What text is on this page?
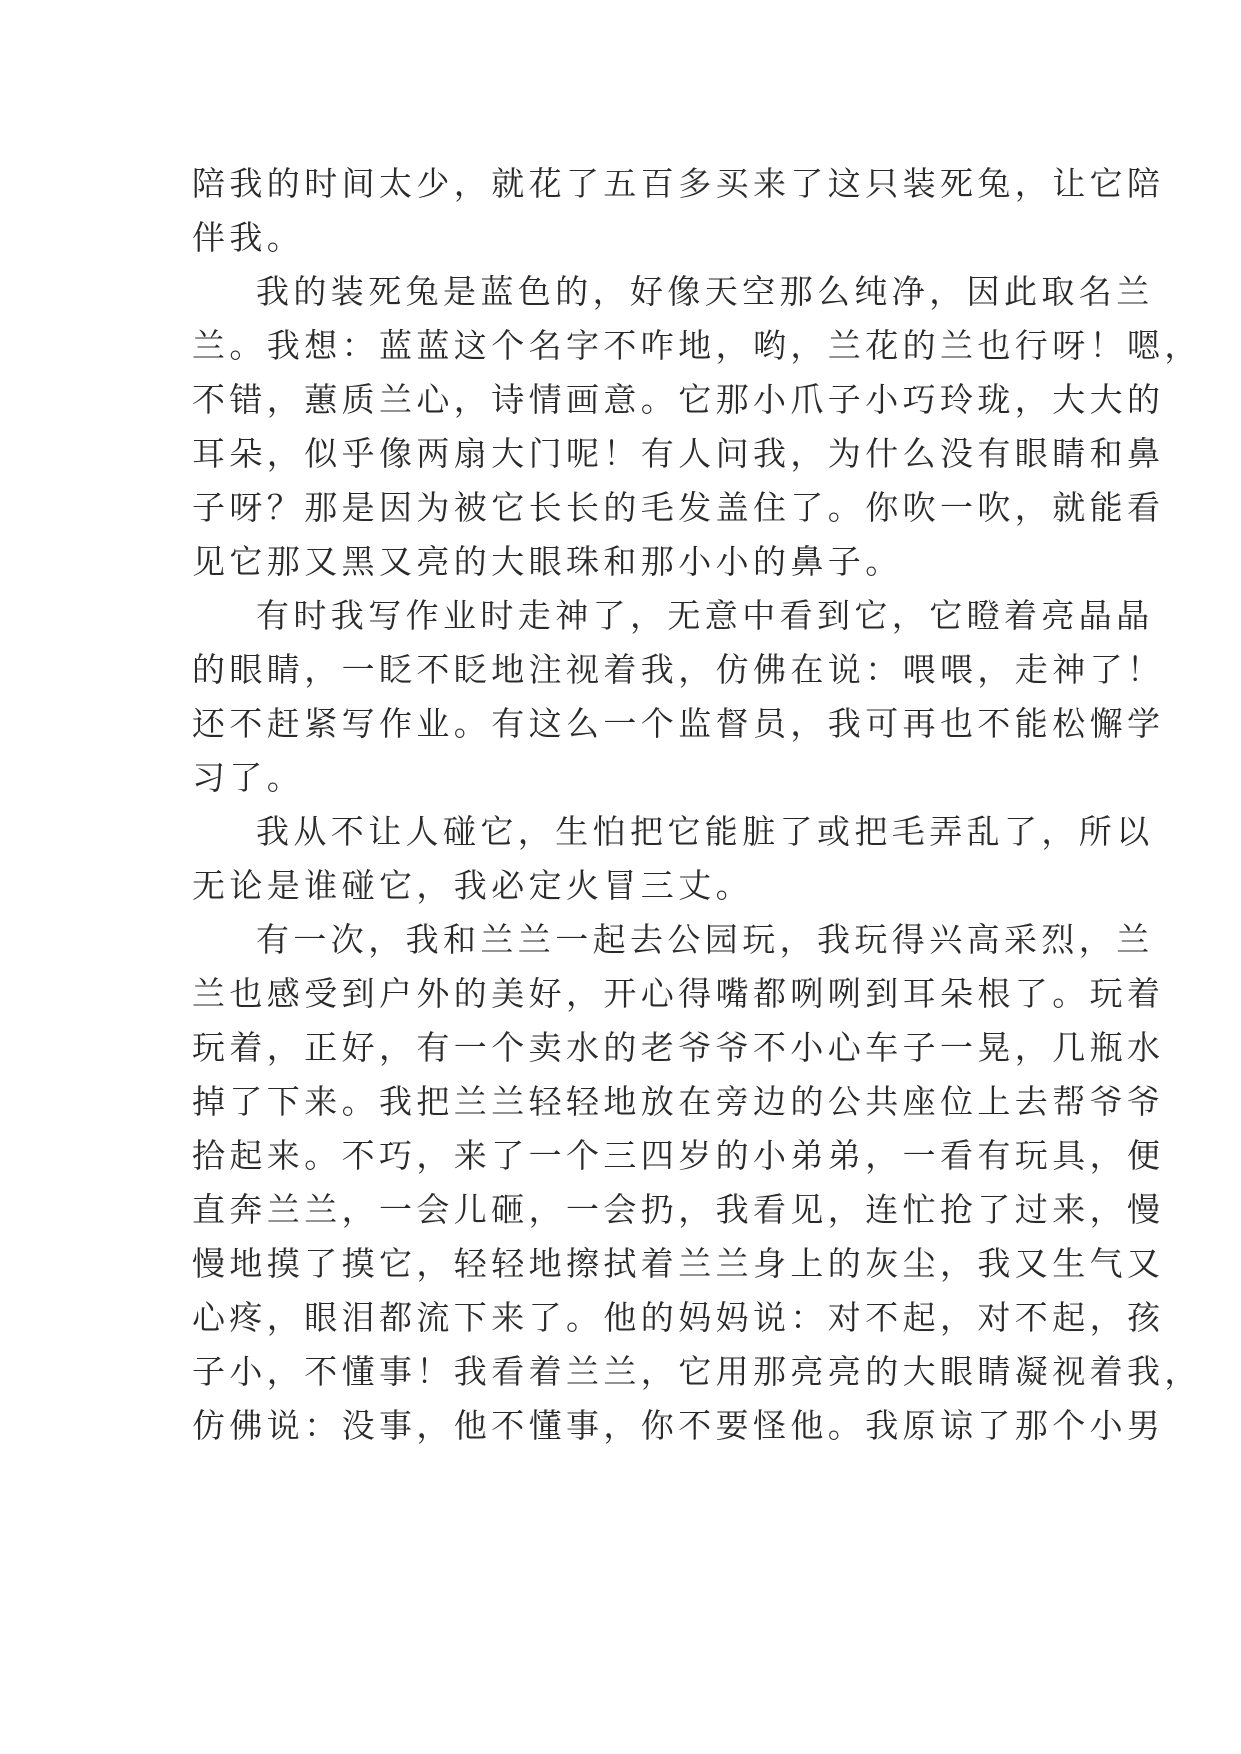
陪我的时间太少，就花了五百多买来了这只装死兔，让它陪
伴我。
我的装死兔是蓝色的，好像天空那么纯净，因此取名兰
兰。我想：蓝蓝这个名字不咋地，哟，兰花的兰也行呀！嗯，
不错，蕙质兰心，诗情画意。它那小爪子小巧玲珑，大大的
耳朵，似乎像两扇大门呢！有人问我，为什么没有眼睛和鼻
子呀？那是因为被它长长的毛发盖住了。你吹一吹，就能看
见它那又黑又亮的大眼珠和那小小的鼻子。
有时我写作业时走神了，无意中看到它，它瞪着亮晶晶
的眼睛，一眨不眨地注视着我，仿佛在说：喂喂，走神了！
还不赶紧写作业。有这么一个监督员，我可再也不能松懈学
习了。
我从不让人碰它，生怕把它能脏了或把毛弄乱了，所以
无论是谁碰它，我必定火冒三丈。
有一次，我和兰兰一起去公园玩，我玩得兴高采烈，兰
兰也感受到户外的美好，开心得嘴都咧咧到耳朵根了。玩着
玩着，正好，有一个卖水的老爷爷不小心车子一晃，几瓶水
掉了下来。我把兰兰轻轻地放在旁边的公共座位上去帮爷爷
拾起来。不巧，来了一个三四岁的小弟弟，一看有玩具，便
直奔兰兰，一会儿砸，一会扔，我看见，连忙抢了过来，慢
慢地摸了摸它，轻轻地擦拭着兰兰身上的灰尘，我又生气又
心疼，眼泪都流下来了。他的妈妈说：对不起，对不起，孩
子小，不懂事！我看着兰兰，它用那亮亮的大眼睛凝视着我，
仿佛说：没事，他不懂事，你不要怪他。我原谅了那个小男
